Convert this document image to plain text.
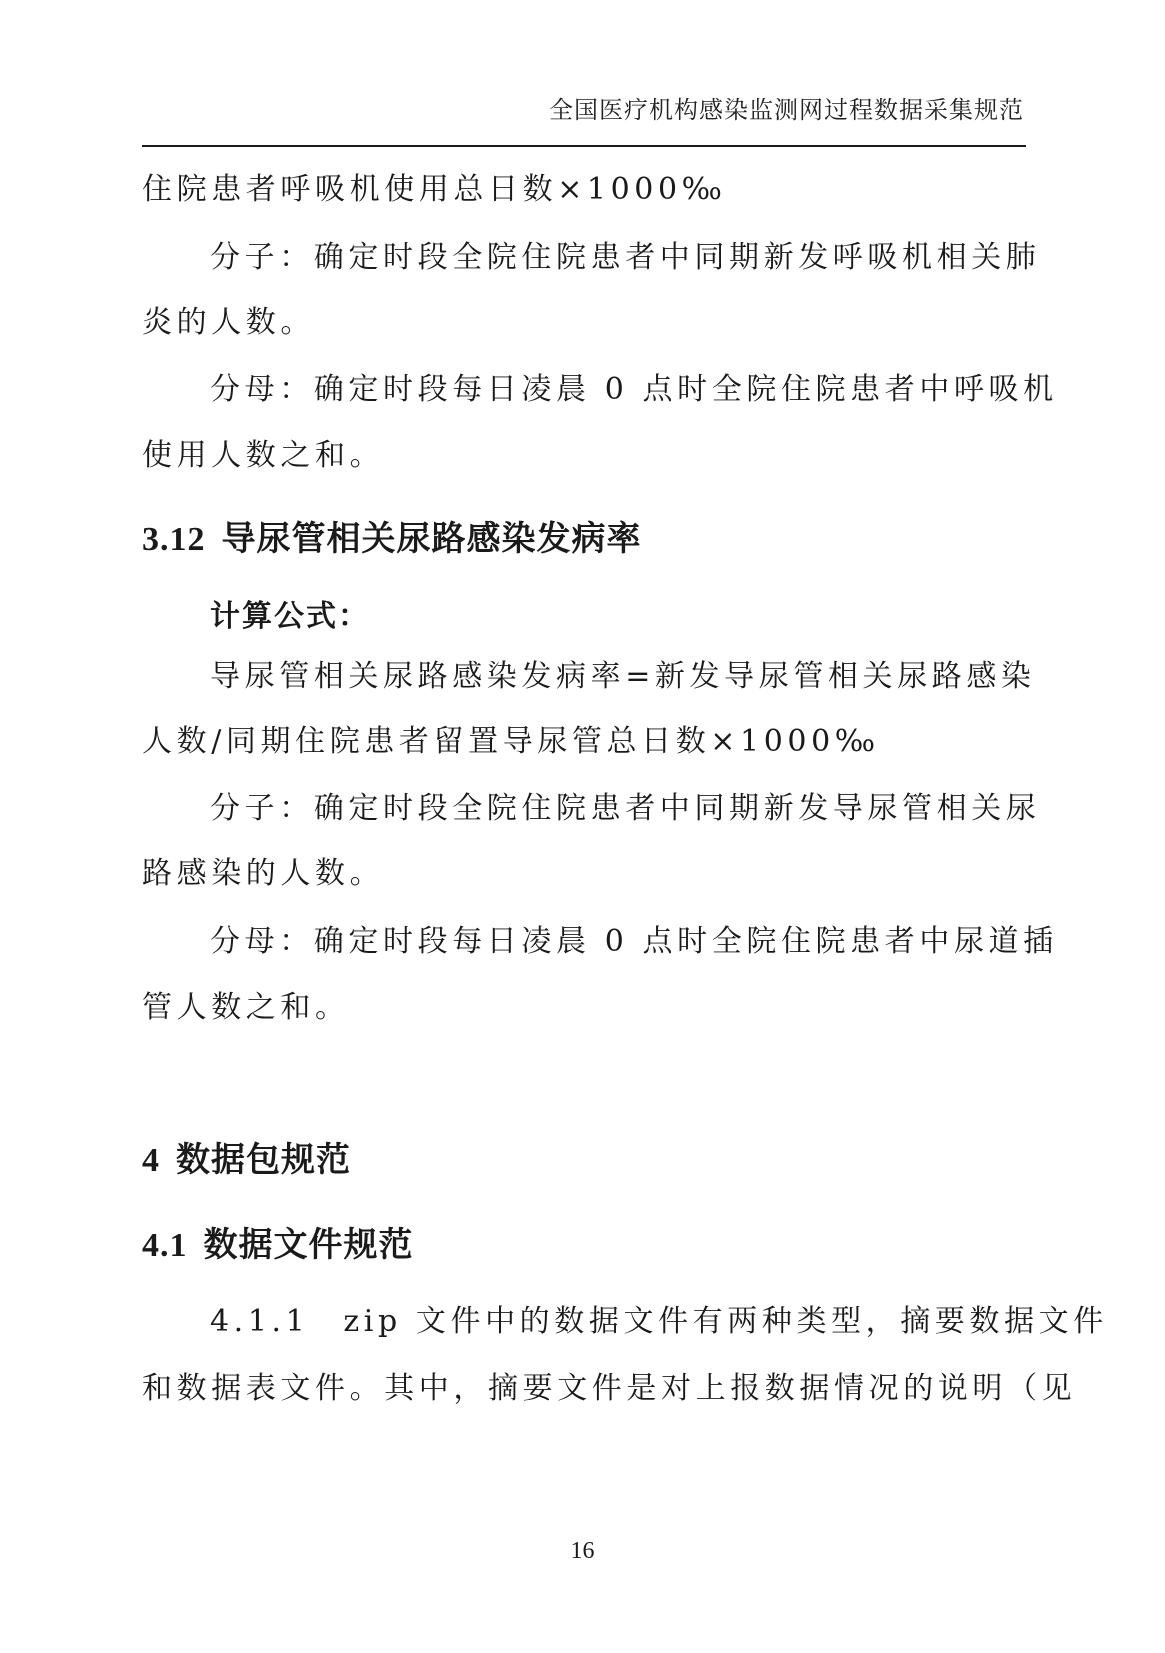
全国医疗机构感染监测网过程数据采集规范
住院患者呼吸机使用总日数×1000‰
分子：确定时段全院住院患者中同期新发呼吸机相关肺
炎的人数。
分母：确定时段每日凌晨 0 点时全院住院患者中呼吸机
使用人数之和。
3.12 导尿管相关尿路感染发病率
计算公式：
导尿管相关尿路感染发病率=新发导尿管相关尿路感染
人数/同期住院患者留置导尿管总日数×1000‰
分子：确定时段全院住院患者中同期新发导尿管相关尿
路感染的人数。
分母：确定时段每日凌晨 0 点时全院住院患者中尿道插
管人数之和。
4 数据包规范
4.1 数据文件规范
4.1.1 zip 文件中的数据文件有两种类型，摘要数据文件
和数据表文件。其中，摘要文件是对上报数据情况的说明（见
16
